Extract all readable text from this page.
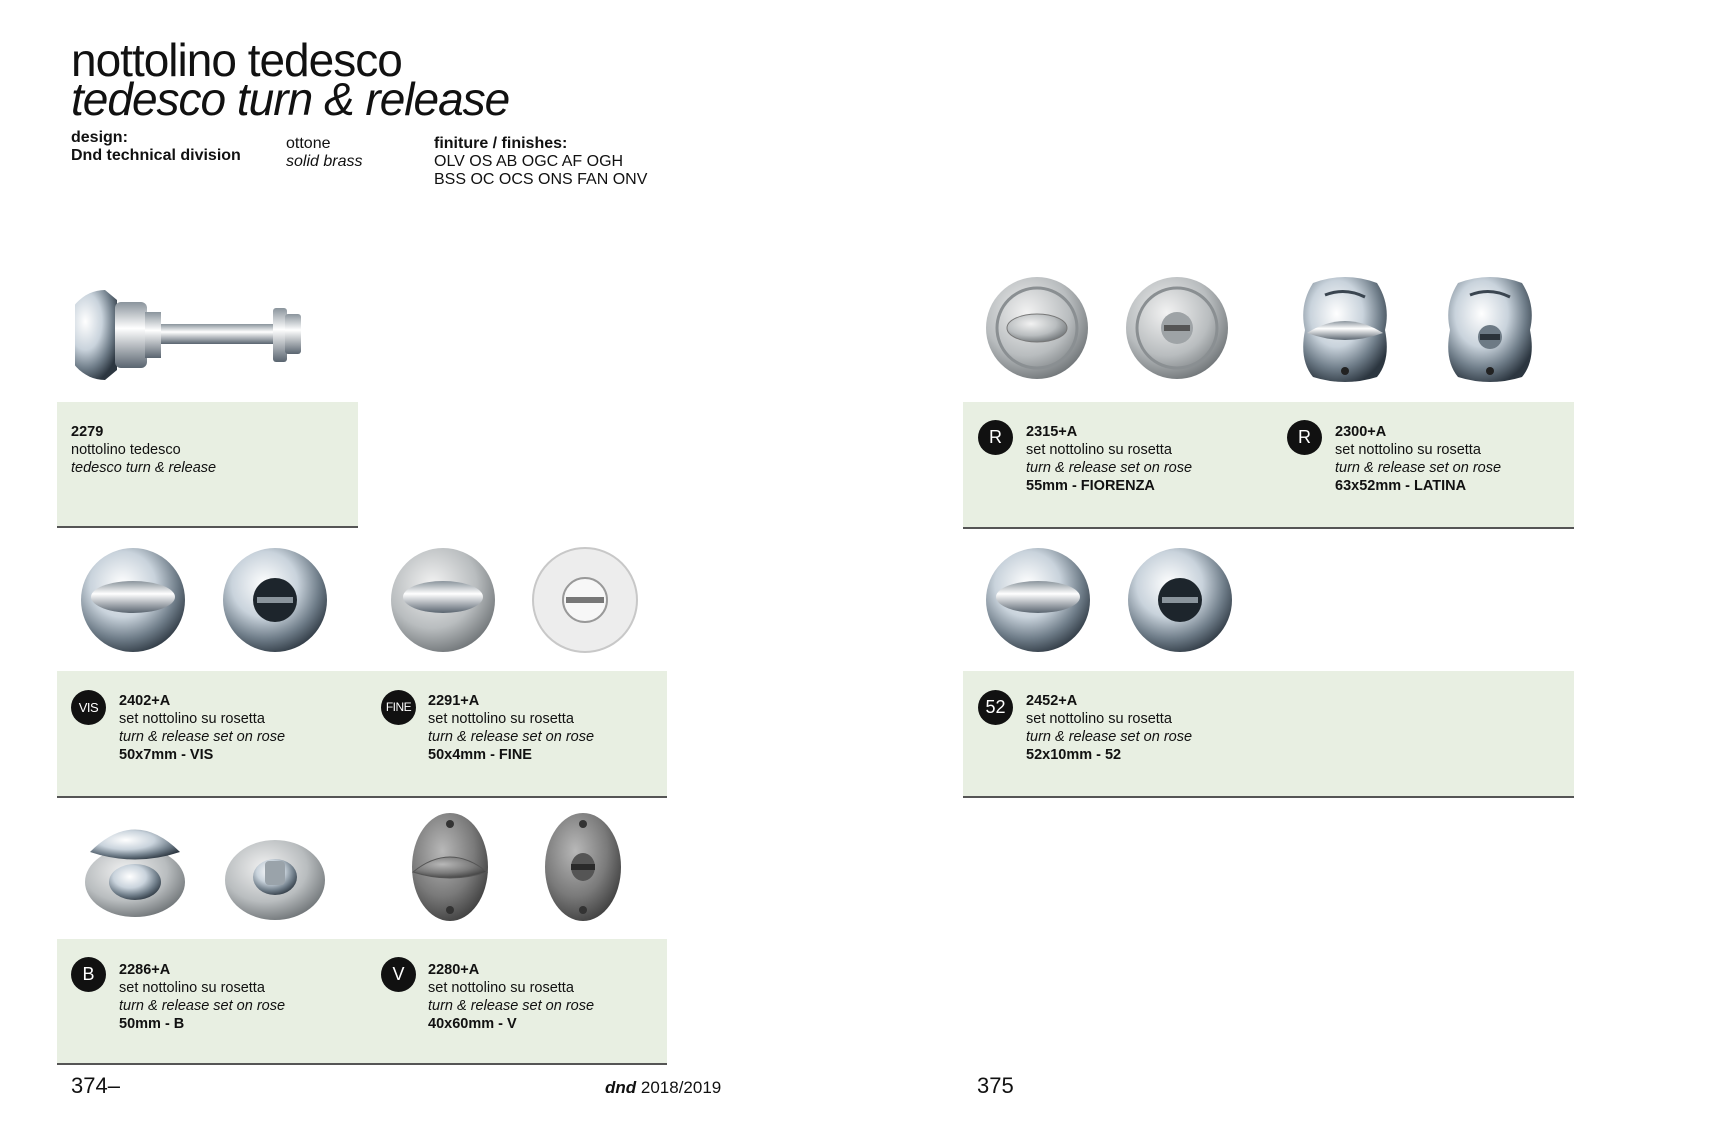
nottolino tedesco
tedesco turn & release
design:
Dnd technical division
ottone
solid brass
finiture / finishes:
OLV OS AB OGC AF OGH
BSS OC OCS ONS FAN ONV
2279
nottolino tedesco
tedesco turn & release
VIS	2402+A
set nottolino su rosetta
turn & release set on rose
50x7mm - VIS
FINE	2291+A
set nottolino su rosetta
turn & release set on rose
50x4mm - FINE
B	2286+A
set nottolino su rosetta
turn & release set on rose
50mm - B
V	2280+A
set nottolino su rosetta
turn & release set on rose
40x60mm - V
R	2315+A
set nottolino su rosetta
turn & release set on rose
55mm - FIORENZA
R	2300+A
set nottolino su rosetta
turn & release set on rose
63x52mm - LATINA
52	2452+A
set nottolino su rosetta
turn & release set on rose
52x10mm - 52
374–	dnd 2018/2019	375
